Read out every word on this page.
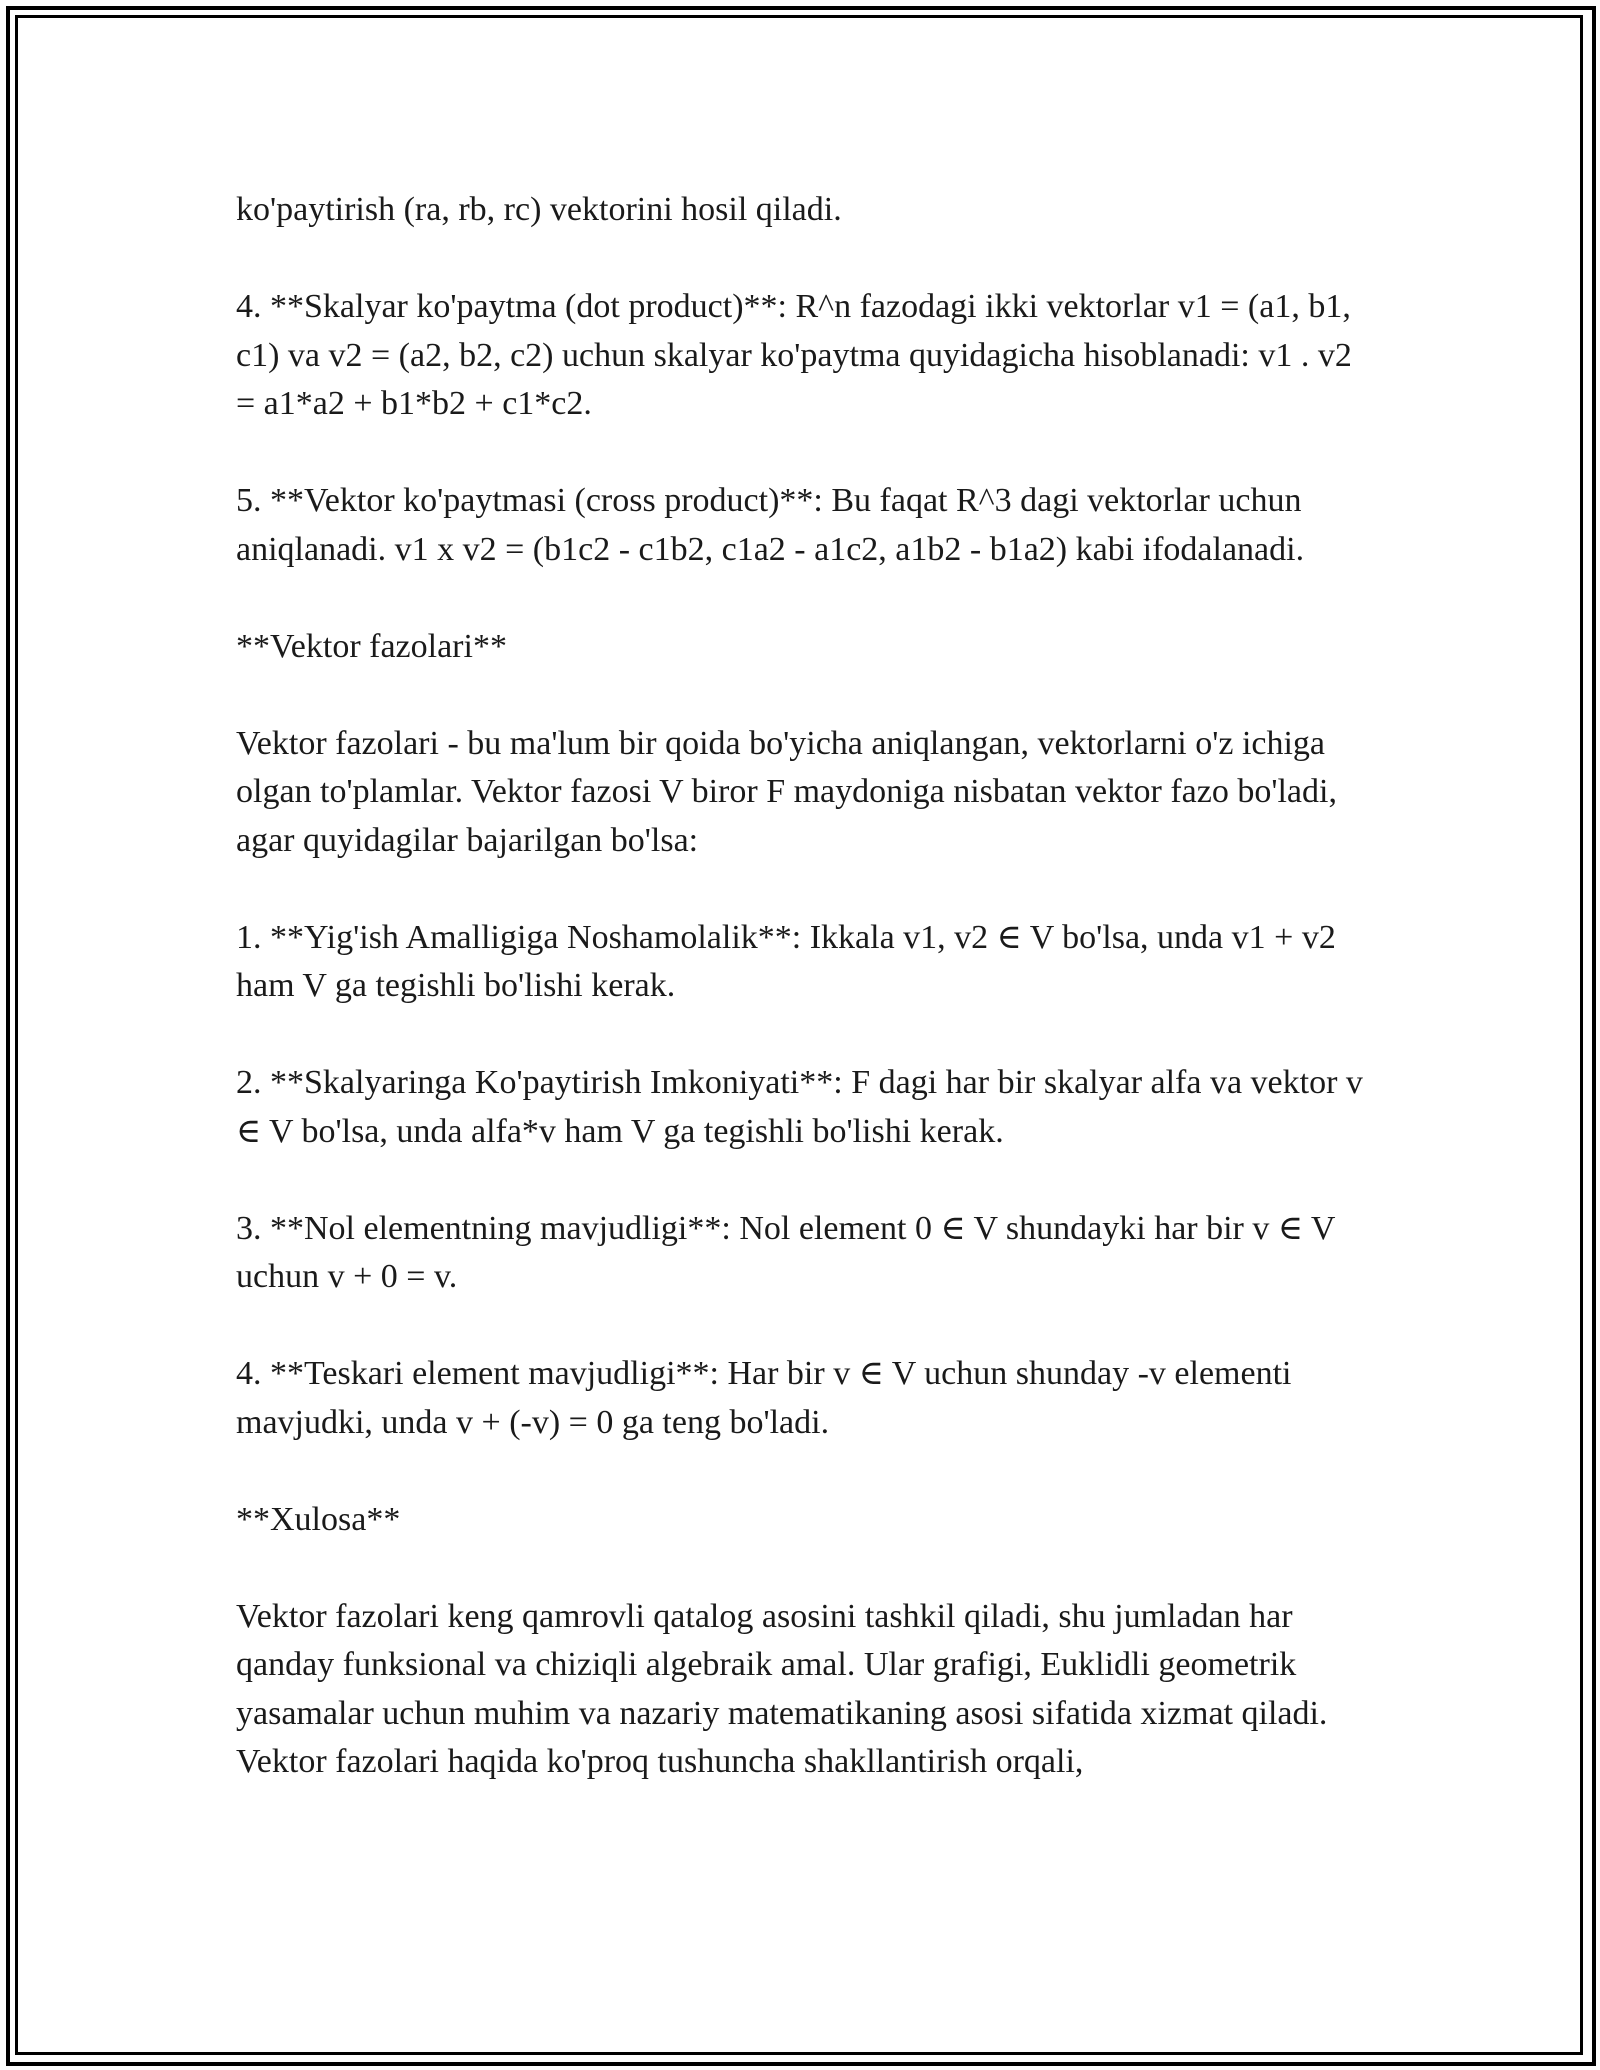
ko'paytirish (ra, rb, rc) vektorini hosil qiladi.

4. **Skalyar ko'paytma (dot product)**: R^n fazodagi ikki vektorlar v1 = (a1, b1, c1) va v2 = (a2, b2, c2) uchun skalyar ko'paytma quyidagicha hisoblanadi: v1 . v2 = a1*a2 + b1*b2 + c1*c2.

5. **Vektor ko'paytmasi (cross product)**: Bu faqat R^3 dagi vektorlar uchun aniqlanadi. v1 x v2 = (b1c2 - c1b2, c1a2 - a1c2, a1b2 - b1a2) kabi ifodalanadi.

**Vektor fazolari**

Vektor fazolari - bu ma'lum bir qoida bo'yicha aniqlangan, vektorlarni o'z ichiga olgan to'plamlar. Vektor fazosi V biror F maydoniga nisbatan vektor fazo bo'ladi, agar quyidagilar bajarilgan bo'lsa:

1. **Yig'ish Amalligiga Noshamolalik**: Ikkala v1, v2 ∈ V bo'lsa, unda v1 + v2 ham V ga tegishli bo'lishi kerak.

2. **Skalyaringa Ko'paytirish Imkoniyati**: F dagi har bir skalyar alfa va vektor v ∈ V bo'lsa, unda alfa*v ham V ga tegishli bo'lishi kerak.

3. **Nol elementning mavjudligi**: Nol element 0 ∈ V shundayki har bir v ∈ V uchun v + 0 = v.

4. **Teskari element mavjudligi**: Har bir v ∈ V uchun shunday -v elementi mavjudki, unda v + (-v) = 0 ga teng bo'ladi.

**Xulosa**

Vektor fazolari keng qamrovli qatalog asosini tashkil qiladi, shu jumladan har qanday funksional va chiziqli algebraik amal. Ular grafigi, Euklidli geometrik yasamalar uchun muhim va nazariy matematikaning asosi sifatida xizmat qiladi. Vektor fazolari haqida ko'proq tushuncha shakllantirish orqali,
